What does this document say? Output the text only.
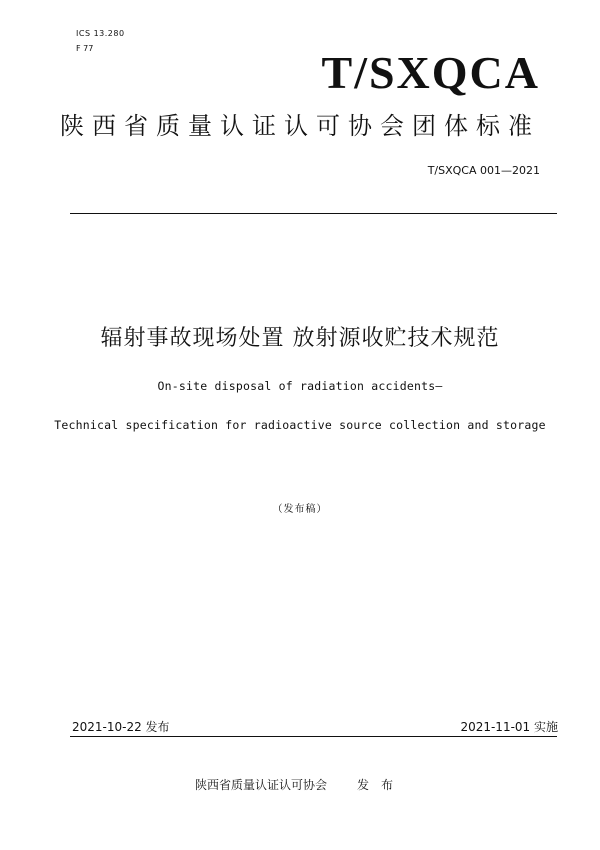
ICS 13.280
F 77	T/SXQCA
陕西省质量认证认可协会团体标准
T/SXQCA 001—2021
辐射事故现场处置 放射源收贮技术规范
On-site disposal of radiation accidents—
Technical specification for radioactive source collection and storage
（发布稿）
2021-10-22 发布	2021-11-01 实施
陕西省质量认证认可协会	发布
